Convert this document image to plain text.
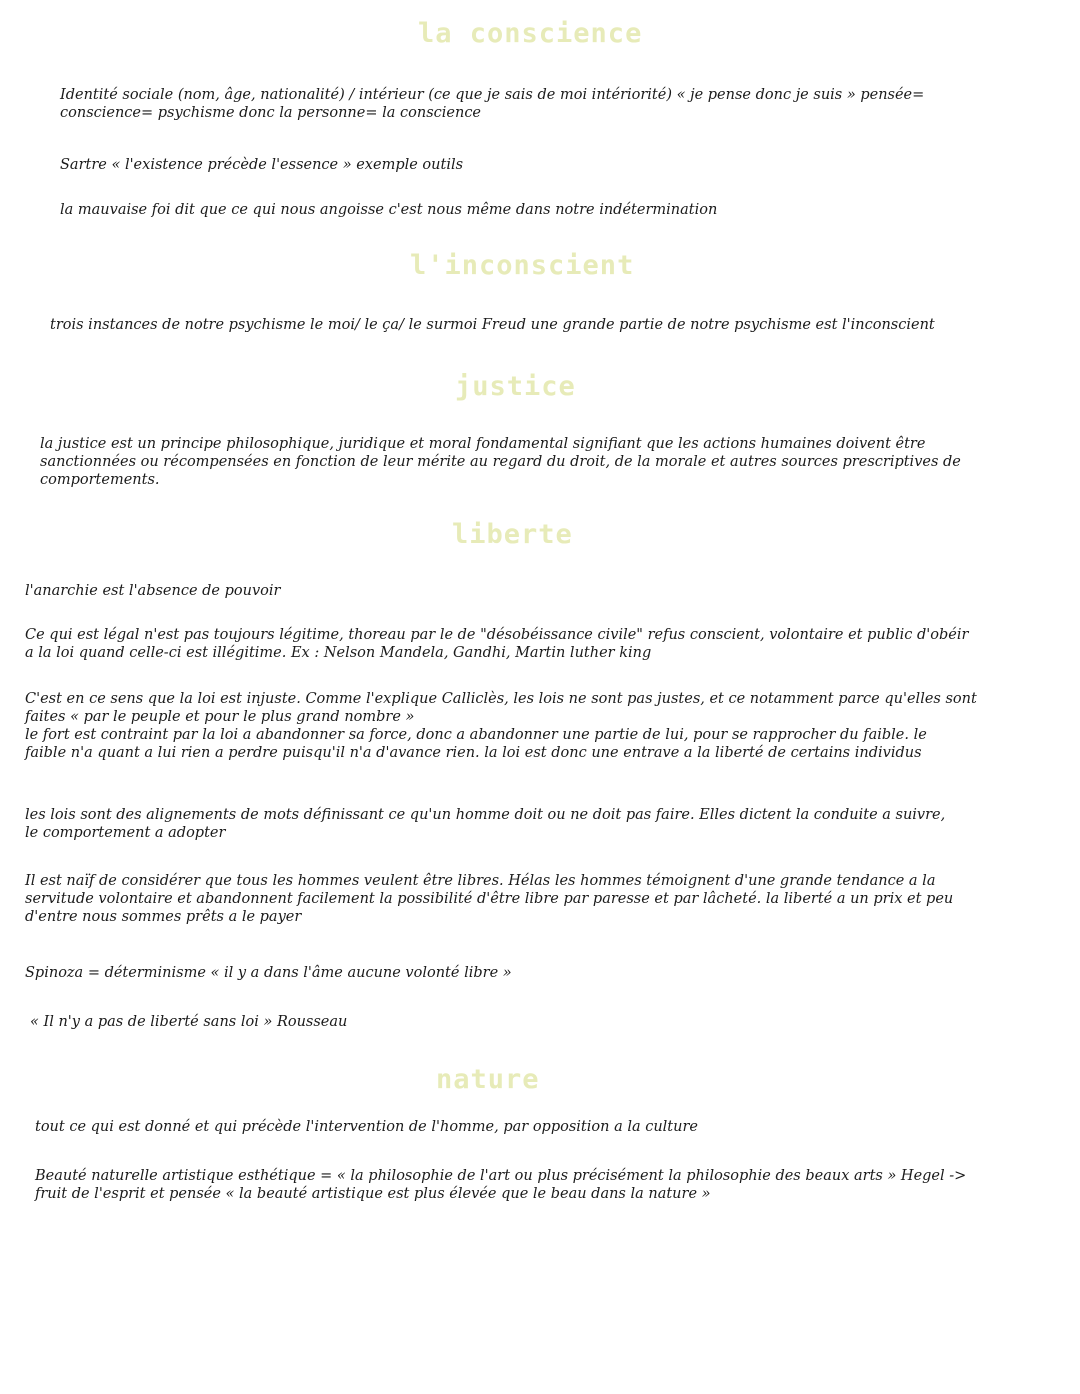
la conscience

Identité sociale (nom, âge, nationalité) / intérieur (ce que je sais de moi intériorité) « je pense donc je suis » pensée=
conscience= psychisme donc la personne= la conscience

Sartre « l'existence précède l'essence » exemple outils

la mauvaise foi dit que ce qui nous angoisse c'est nous même dans notre indétermination

l'inconscient

trois instances de notre psychisme le moi/ le ça/ le surmoi Freud une grande partie de notre psychisme est l'inconscient

justice

la justice est un principe philosophique, juridique et moral fondamental signifiant que les actions humaines doivent être
sanctionnées ou récompensées en fonction de leur mérite au regard du droit, de la morale et autres sources prescriptives de
comportements.

liberte

l'anarchie est l'absence de pouvoir

Ce qui est légal n'est pas toujours légitime, thoreau par le de "désobéissance civile" refus conscient, volontaire et public d'obéir
a la loi quand celle-ci est illégitime. Ex : Nelson Mandela, Gandhi, Martin luther king

C'est en ce sens que la loi est injuste. Comme l'explique Calliclès, les lois ne sont pas justes, et ce notamment parce qu'elles sont
faites « par le peuple et pour le plus grand nombre »
le fort est contraint par la loi a abandonner sa force, donc a abandonner une partie de lui, pour se rapprocher du faible. le
faible n'a quant a lui rien a perdre puisqu'il n'a d'avance rien. la loi est donc une entrave a la liberté de certains individus

les lois sont des alignements de mots définissant ce qu'un homme doit ou ne doit pas faire. Elles dictent la conduite a suivre,
le comportement a adopter

Il est naïf de considérer que tous les hommes veulent être libres. Hélas les hommes témoignent d'une grande tendance a la
servitude volontaire et abandonnent facilement la possibilité d'être libre par paresse et par lâcheté. la liberté a un prix et peu
d'entre nous sommes prêts a le payer

Spinoza = déterminisme « il y a dans l'âme aucune volonté libre »

« Il n'y a pas de liberté sans loi » Rousseau

nature

tout ce qui est donné et qui précède l'intervention de l'homme, par opposition a la culture

Beauté naturelle artistique esthétique = « la philosophie de l'art ou plus précisément la philosophie des beaux arts » Hegel ->
fruit de l'esprit et pensée « la beauté artistique est plus élevée que le beau dans la nature »
